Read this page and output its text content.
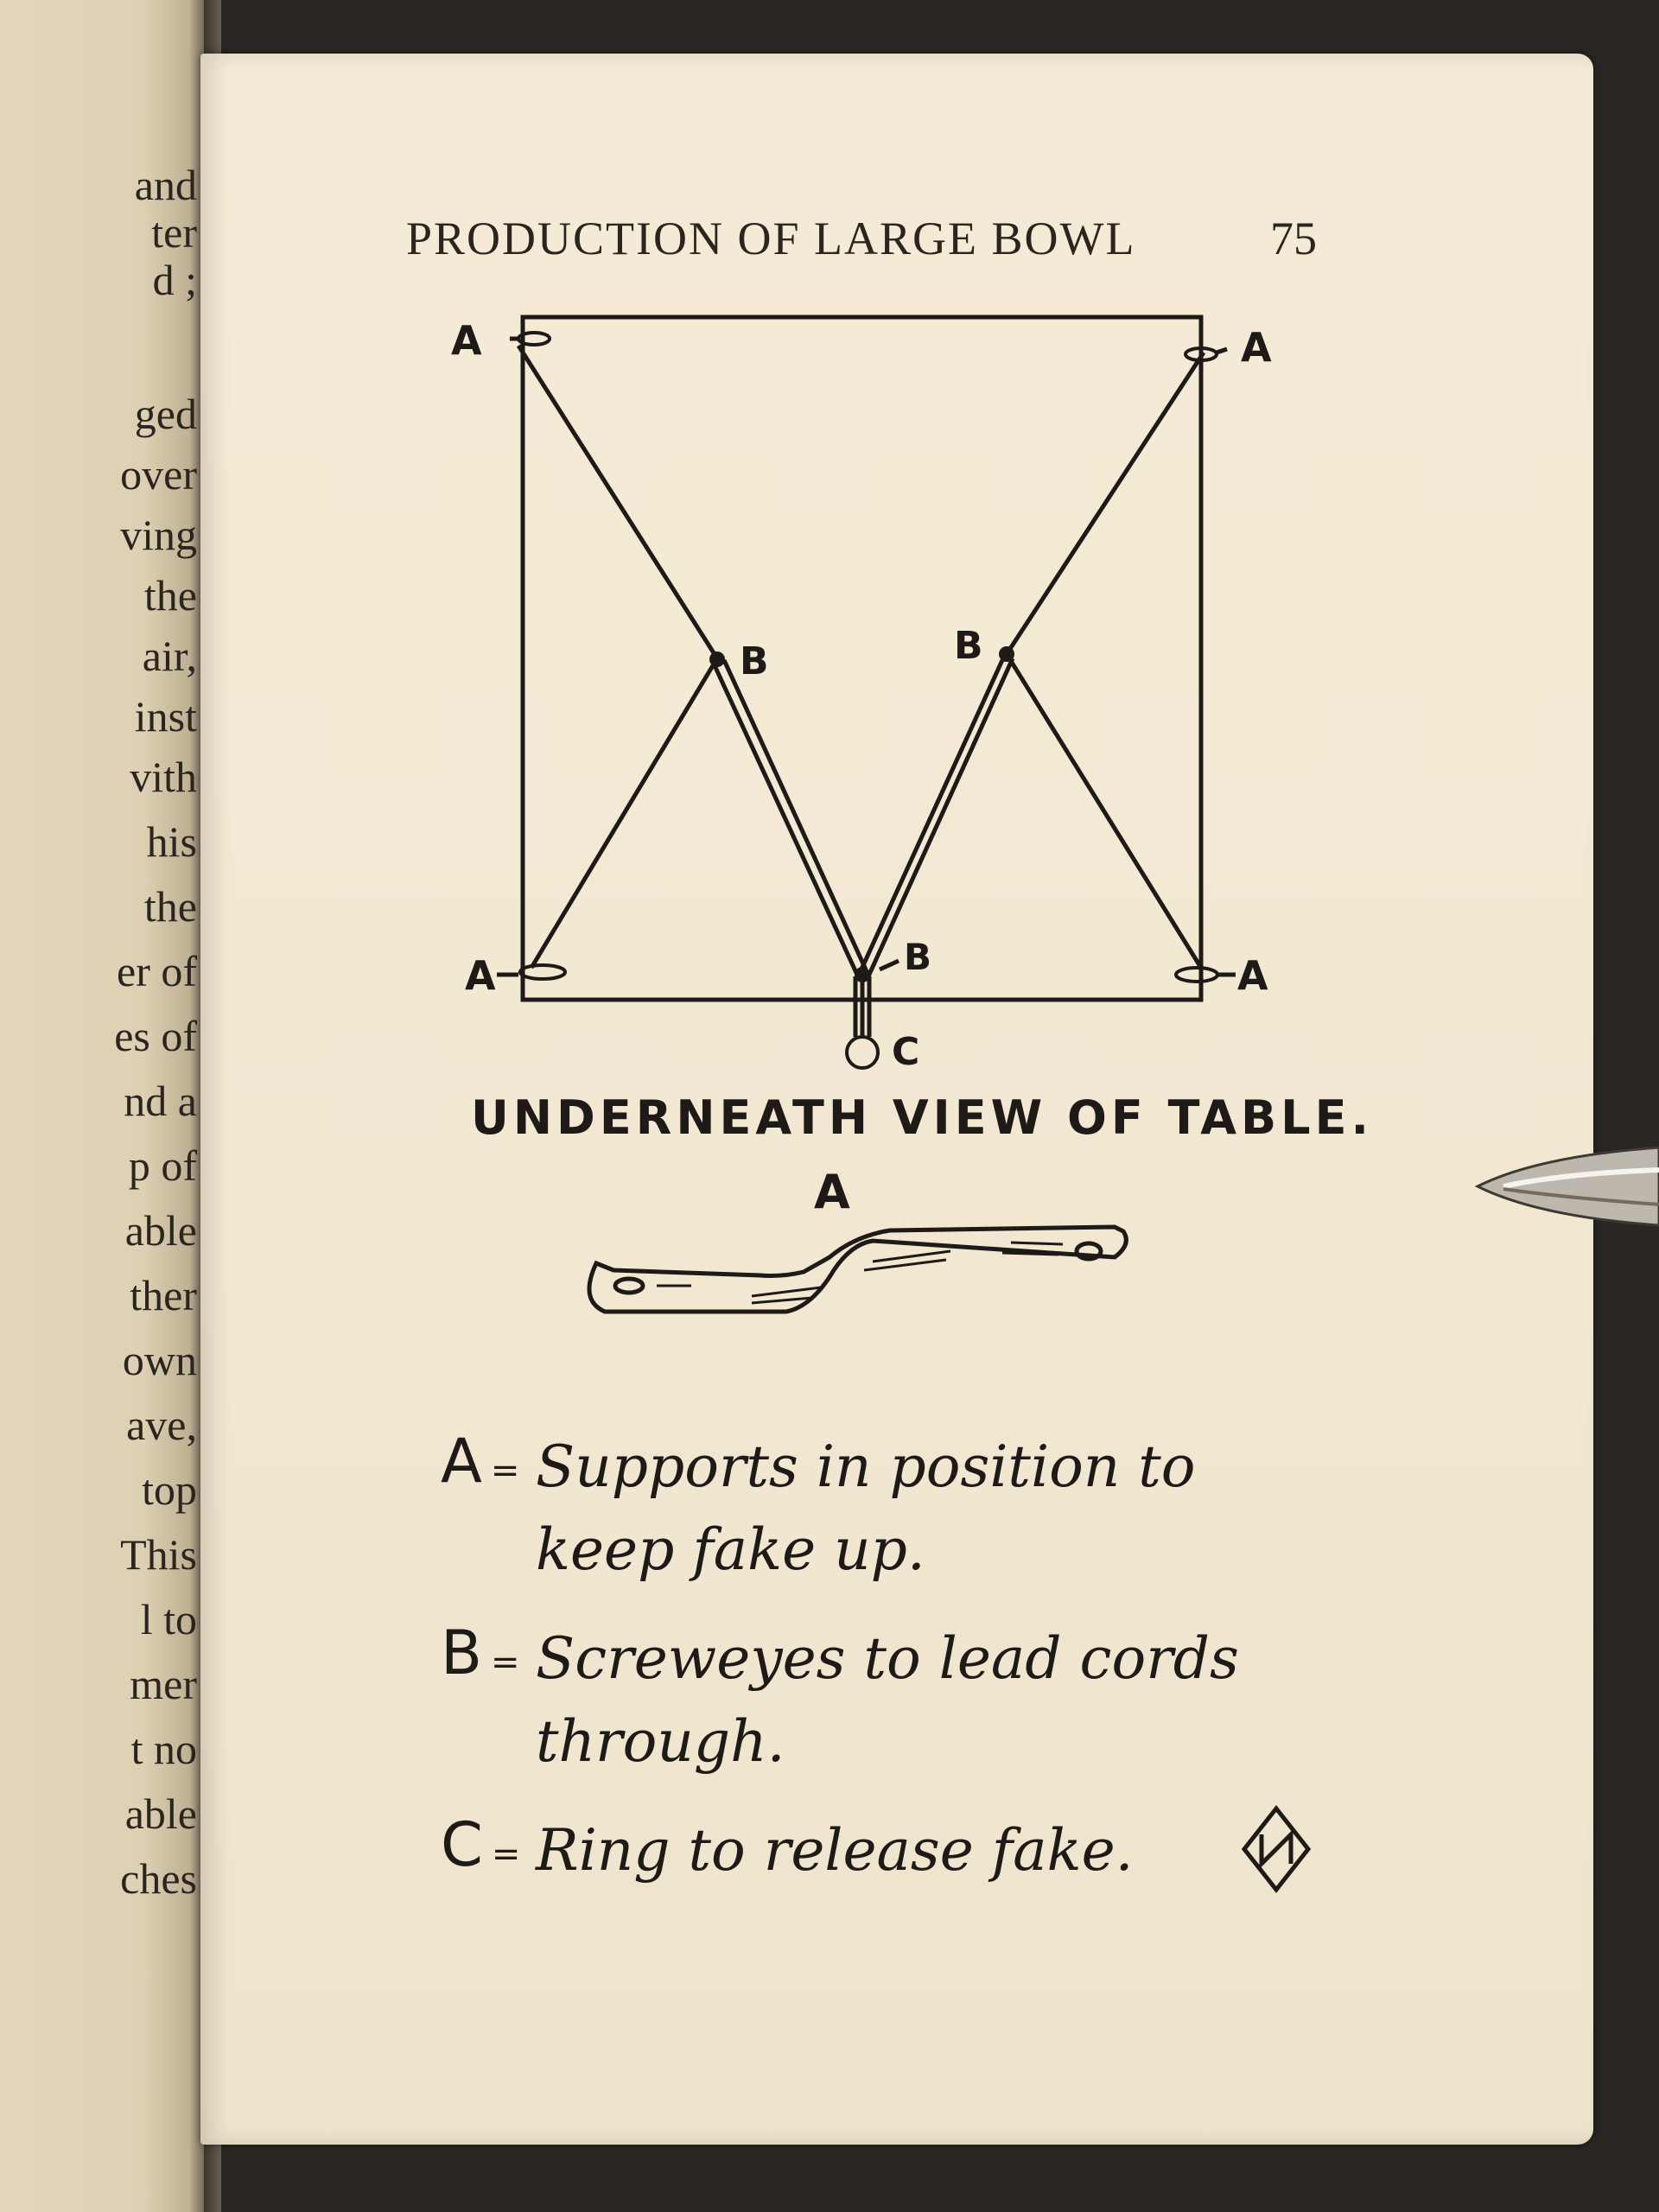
and
ter
d ;
ged
over
ving
the
air,
inst
vith
his
the
er of
es of
nd a
p of
able
ther
own
ave,
top
This
l to
mer
t no
able
ches
PRODUCTION OF LARGE BOWL	75
A	A
A	A
B	B
B
C
UNDERNEATH VIEW OF TABLE.
A
A = Supports in position to keep fake up.
B = Screweyes to lead cords through.
C = Ring to release fake.
